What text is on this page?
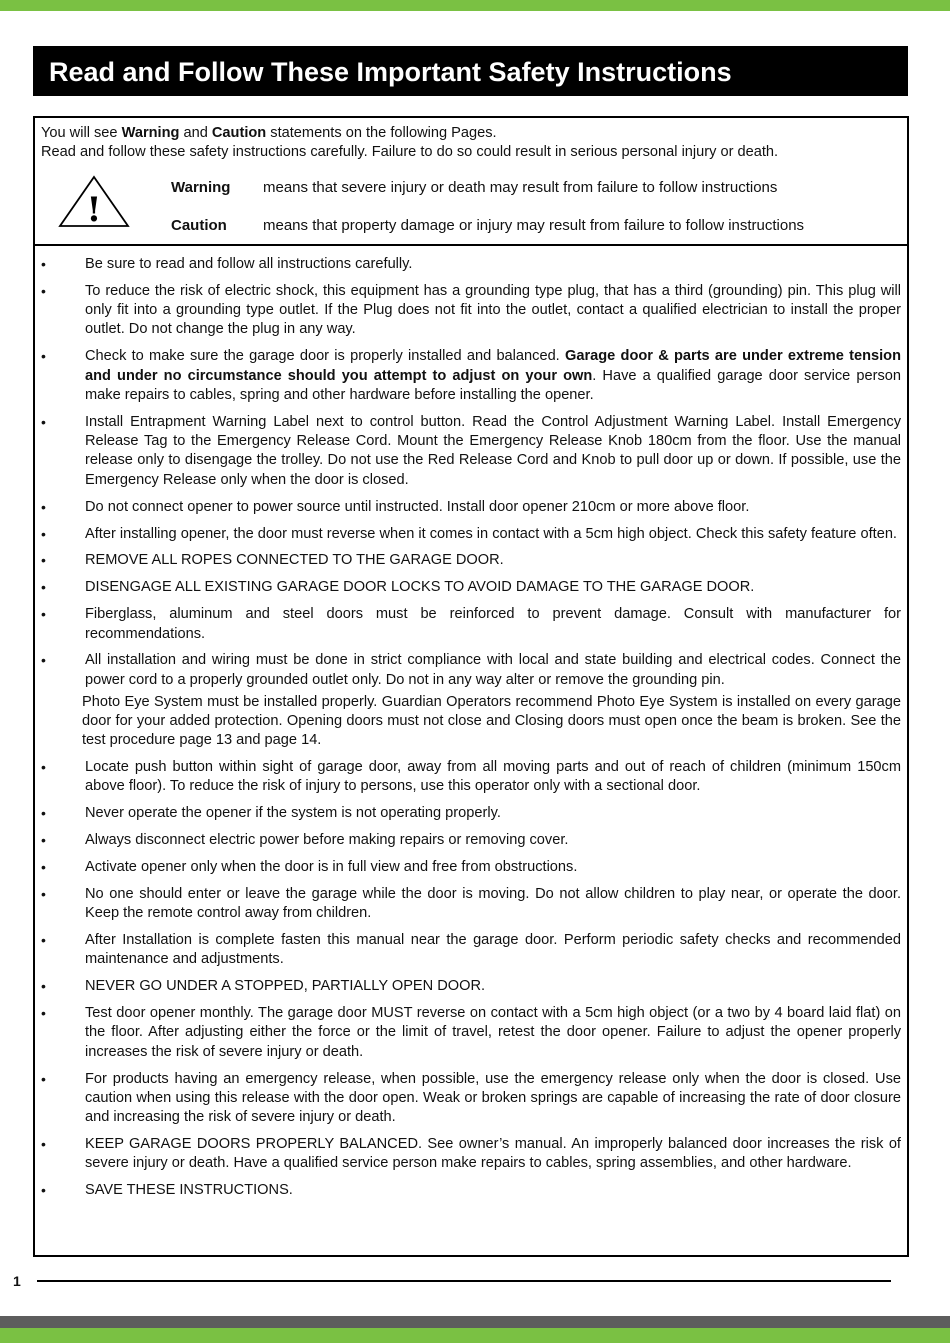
Read and Follow These Important Safety Instructions

You will see Warning and Caution statements on the following Pages.

Read and follow these safety instructions carefully. Failure to do so could result in serious personal injury or death.

!
Warning means that severe injury or death may result from failure to follow instructions
Caution means that property damage or injury may result from failure to follow instructions
•	Be sure to read and follow all instructions carefully.
•	To reduce the risk of electric shock, this equipment has a grounding type plug, that has a third (grounding) pin. This plug will only fit into a grounding type outlet. If the Plug does not fit into the outlet, contact a qualified electrician to install the proper outlet. Do not change the plug in any way.
•	Check to make sure the garage door is properly installed and balanced. Garage door & parts are under extreme tension and under no circumstance should you attempt to adjust on your own. Have a qualified garage door service person make repairs to cables, spring and other hardware before installing the opener.
•	Install Entrapment Warning Label next to control button. Read the Control Adjustment Warning Label. Install Emergency Release Tag to the Emergency Release Cord. Mount the Emergency Release Knob 180cm from the floor. Use the manual release only to disengage the trolley. Do not use the Red Release Cord and Knob to pull door up or down. If possible, use the Emergency Release only when the door is closed.
•	Do not connect opener to power source until instructed. Install door opener 210cm or more above floor.
•	After installing opener, the door must reverse when it comes in contact with a 5cm high object. Check this safety feature often.
•	REMOVE ALL ROPES CONNECTED TO THE GARAGE DOOR.
•	DISENGAGE ALL EXISTING GARAGE DOOR LOCKS TO AVOID DAMAGE TO THE GARAGE DOOR.
•	Fiberglass, aluminum and steel doors must be reinforced to prevent damage. Consult with manufacturer for recommendations.
•	All installation and wiring must be done in strict compliance with local and state building and electrical codes. Connect the power cord to a properly grounded outlet only. Do not in any way alter or remove the grounding pin.
Photo Eye System must be installed properly. Guardian Operators recommend Photo Eye System is installed on every garage door for your added protection. Opening doors must not close and Closing doors must open once the beam is broken. See the test procedure page 13 and page 14.
•	Locate push button within sight of garage door, away from all moving parts and out of reach of children (minimum 150cm above floor). To reduce the risk of injury to persons, use this operator only with a sectional door.
•	Never operate the opener if the system is not operating properly.
•	Always disconnect electric power before making repairs or removing cover.
•	Activate opener only when the door is in full view and free from obstructions.
•	No one should enter or leave the garage while the door is moving. Do not allow children to play near, or operate the door. Keep the remote control away from children.
•	After Installation is complete fasten this manual near the garage door. Perform periodic safety checks and recommended maintenance and adjustments.
•	NEVER GO UNDER A STOPPED, PARTIALLY OPEN DOOR.
•	Test door opener monthly. The garage door MUST reverse on contact with a 5cm high object (or a two by 4 board laid flat) on the floor. After adjusting either the force or the limit of travel, retest the door opener. Failure to adjust the opener properly increases the risk of severe injury or death.
•	For products having an emergency release, when possible, use the emergency release only when the door is closed. Use caution when using this release with the door open. Weak or broken springs are capable of increasing the rate of door closure and increasing the risk of severe injury or death.
•	KEEP GARAGE DOORS PROPERLY BALANCED. See owner’s manual. An improperly balanced door increases the risk of severe injury or death. Have a qualified service person make repairs to cables, spring assemblies, and other hardware.
•	SAVE THESE INSTRUCTIONS.
1
